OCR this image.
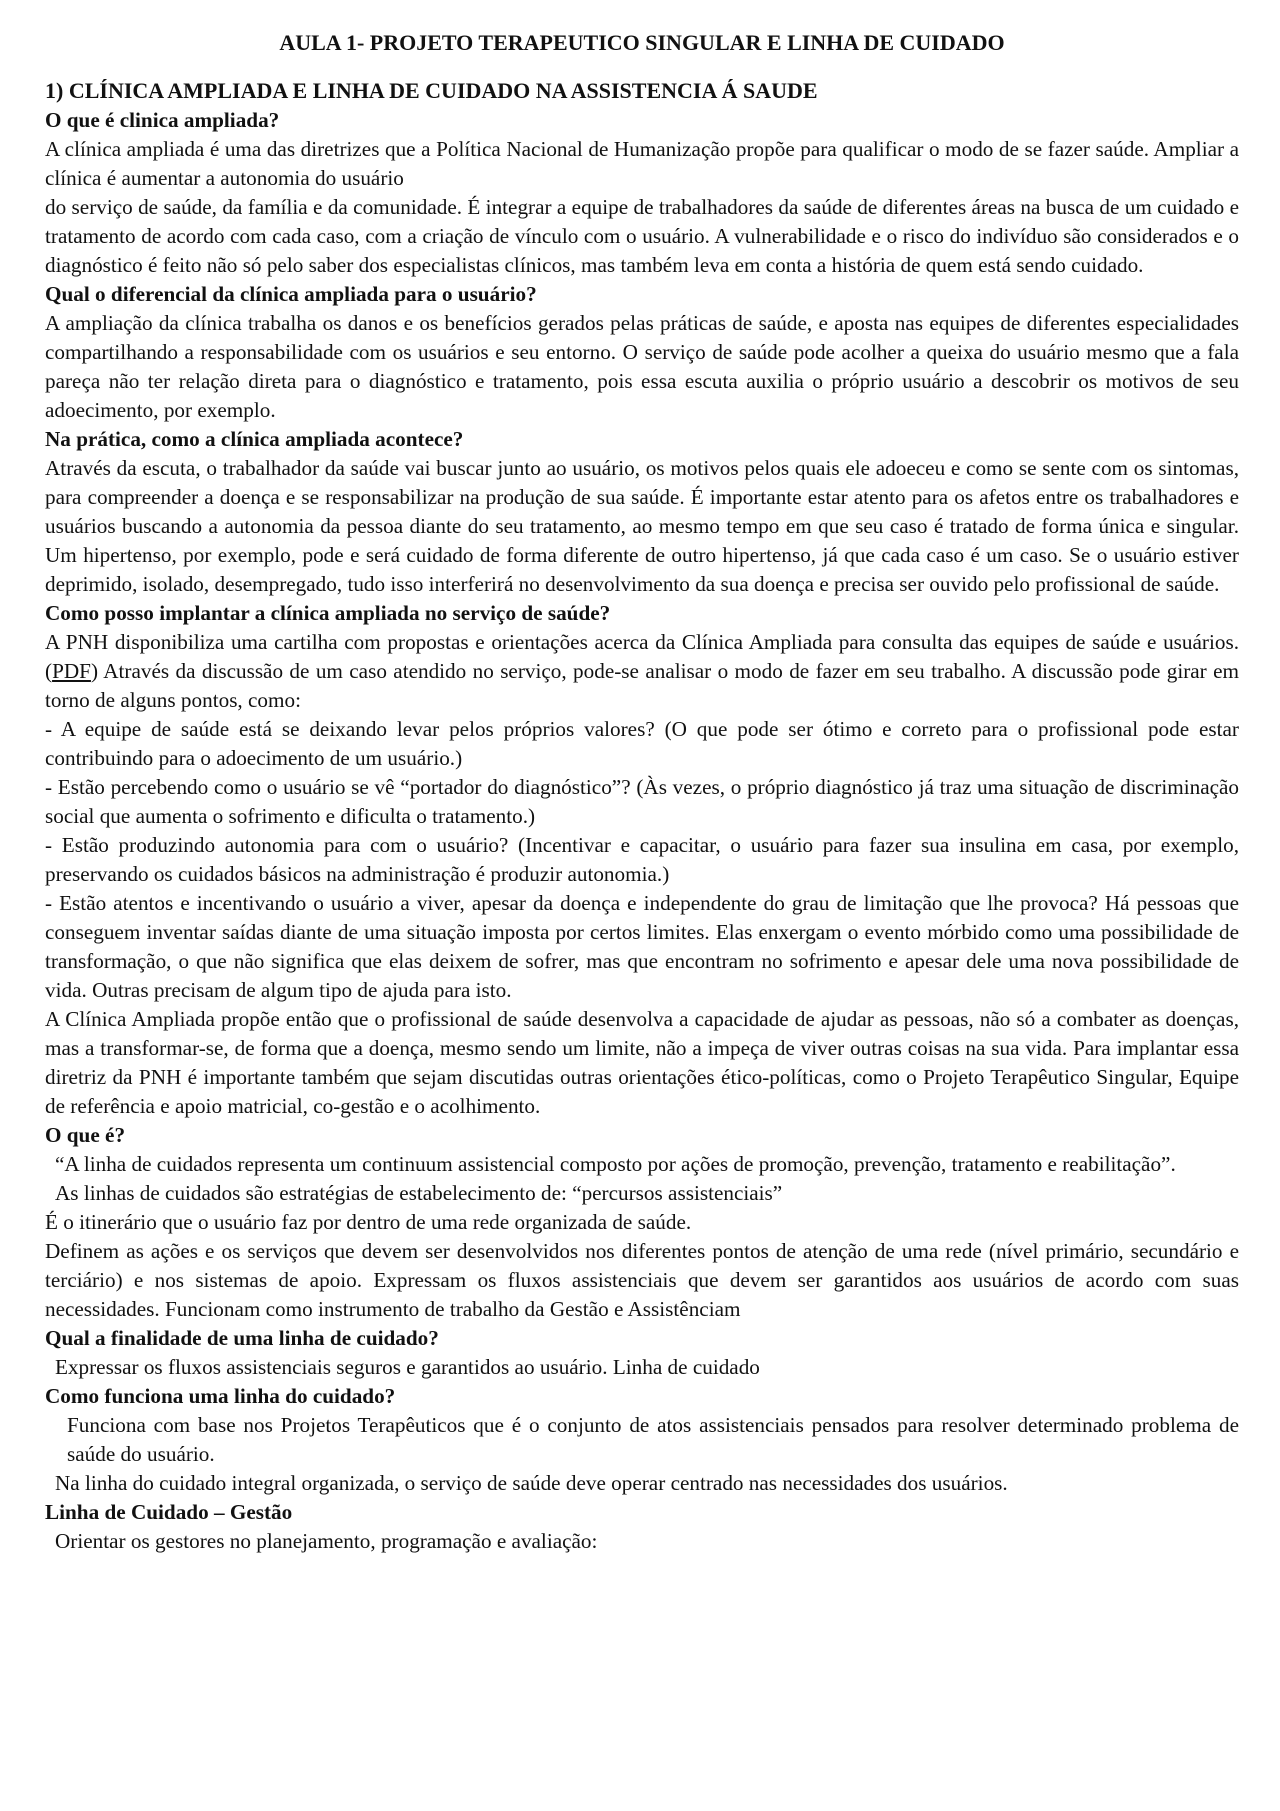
AULA 1- PROJETO TERAPEUTICO SINGULAR E LINHA DE CUIDADO
1) CLÍNICA AMPLIADA E LINHA DE CUIDADO NA ASSISTENCIA Á SAUDE
O que é clinica ampliada?

A clínica ampliada é uma das diretrizes que a Política Nacional de Humanização propõe para qualificar o modo de se fazer saúde. Ampliar a clínica é aumentar a autonomia do usuário

do serviço de saúde, da família e da comunidade. É integrar a equipe de trabalhadores da saúde de diferentes áreas na busca de um cuidado e tratamento de acordo com cada caso, com a criação de vínculo com o usuário. A vulnerabilidade e o risco do indivíduo são considerados e o diagnóstico é feito não só pelo saber dos especialistas clínicos, mas também leva em conta a história de quem está sendo cuidado.

Qual o diferencial da clínica ampliada para o usuário?

A ampliação da clínica trabalha os danos e os benefícios gerados pelas práticas de saúde, e aposta nas equipes de diferentes especialidades compartilhando a responsabilidade com os usuários e seu entorno. O serviço de saúde pode acolher a queixa do usuário mesmo que a fala pareça não ter relação direta para o diagnóstico e tratamento, pois essa escuta auxilia o próprio usuário a descobrir os motivos de seu adoecimento, por exemplo.

Na prática, como a clínica ampliada acontece?

Através da escuta, o trabalhador da saúde vai buscar junto ao usuário, os motivos pelos quais ele adoeceu e como se sente com os sintomas, para compreender a doença e se responsabilizar na produção de sua saúde. É importante estar atento para os afetos entre os trabalhadores e usuários buscando a autonomia da pessoa diante do seu tratamento, ao mesmo tempo em que seu caso é tratado de forma única e singular. Um hipertenso, por exemplo, pode e será cuidado de forma diferente de outro hipertenso, já que cada caso é um caso. Se o usuário estiver deprimido, isolado, desempregado, tudo isso interferirá no desenvolvimento da sua doença e precisa ser ouvido pelo profissional de saúde.

Como posso implantar a clínica ampliada no serviço de saúde?

A PNH disponibiliza uma cartilha com propostas e orientações acerca da Clínica Ampliada para consulta das equipes de saúde e usuários. (PDF) Através da discussão de um caso atendido no serviço, pode-se analisar o modo de fazer em seu trabalho. A discussão pode girar em torno de alguns pontos, como:

- A equipe de saúde está se deixando levar pelos próprios valores? (O que pode ser ótimo e correto para o profissional pode estar contribuindo para o adoecimento de um usuário.)

- Estão percebendo como o usuário se vê “portador do diagnóstico”? (Às vezes, o próprio diagnóstico já traz uma situação de discriminação social que aumenta o sofrimento e dificulta o tratamento.)

- Estão produzindo autonomia para com o usuário? (Incentivar e capacitar, o usuário para fazer sua insulina em casa, por exemplo, preservando os cuidados básicos na administração é produzir autonomia.)

- Estão atentos e incentivando o usuário a viver, apesar da doença e independente do grau de limitação que lhe provoca? Há pessoas que conseguem inventar saídas diante de uma situação imposta por certos limites. Elas enxergam o evento mórbido como uma possibilidade de transformação, o que não significa que elas deixem de sofrer, mas que encontram no sofrimento e apesar dele uma nova possibilidade de vida. Outras precisam de algum tipo de ajuda para isto.

A Clínica Ampliada propõe então que o profissional de saúde desenvolva a capacidade de ajudar as pessoas, não só a combater as doenças, mas a transformar-se, de forma que a doença, mesmo sendo um limite, não a impeça de viver outras coisas na sua vida. Para implantar essa diretriz da PNH é importante também que sejam discutidas outras orientações ético-políticas, como o Projeto Terapêutico Singular, Equipe de referência e apoio matricial, co-gestão e o acolhimento.

O que é?

“A linha de cuidados representa um continuum assistencial composto por ações de promoção, prevenção, tratamento e reabilitação”.

As linhas de cuidados são estratégias de estabelecimento de: “percursos assistenciais”

É o itinerário que o usuário faz por dentro de uma rede organizada de saúde.

Definem as ações e os serviços que devem ser desenvolvidos nos diferentes pontos de atenção de uma rede (nível primário, secundário e terciário) e nos sistemas de apoio. Expressam os fluxos assistenciais que devem ser garantidos aos usuários de acordo com suas necessidades. Funcionam como instrumento de trabalho da Gestão e Assistênciam

Qual a finalidade de uma linha de cuidado?

Expressar os fluxos assistenciais seguros e garantidos ao usuário. Linha de cuidado

Como funciona uma linha do cuidado?

Funciona com base nos Projetos Terapêuticos que é o conjunto de atos assistenciais pensados para resolver determinado problema de saúde do usuário.

Na linha do cuidado integral organizada, o serviço de saúde deve operar centrado nas necessidades dos usuários.

Linha de Cuidado – Gestão

Orientar os gestores no planejamento, programação e avaliação:
